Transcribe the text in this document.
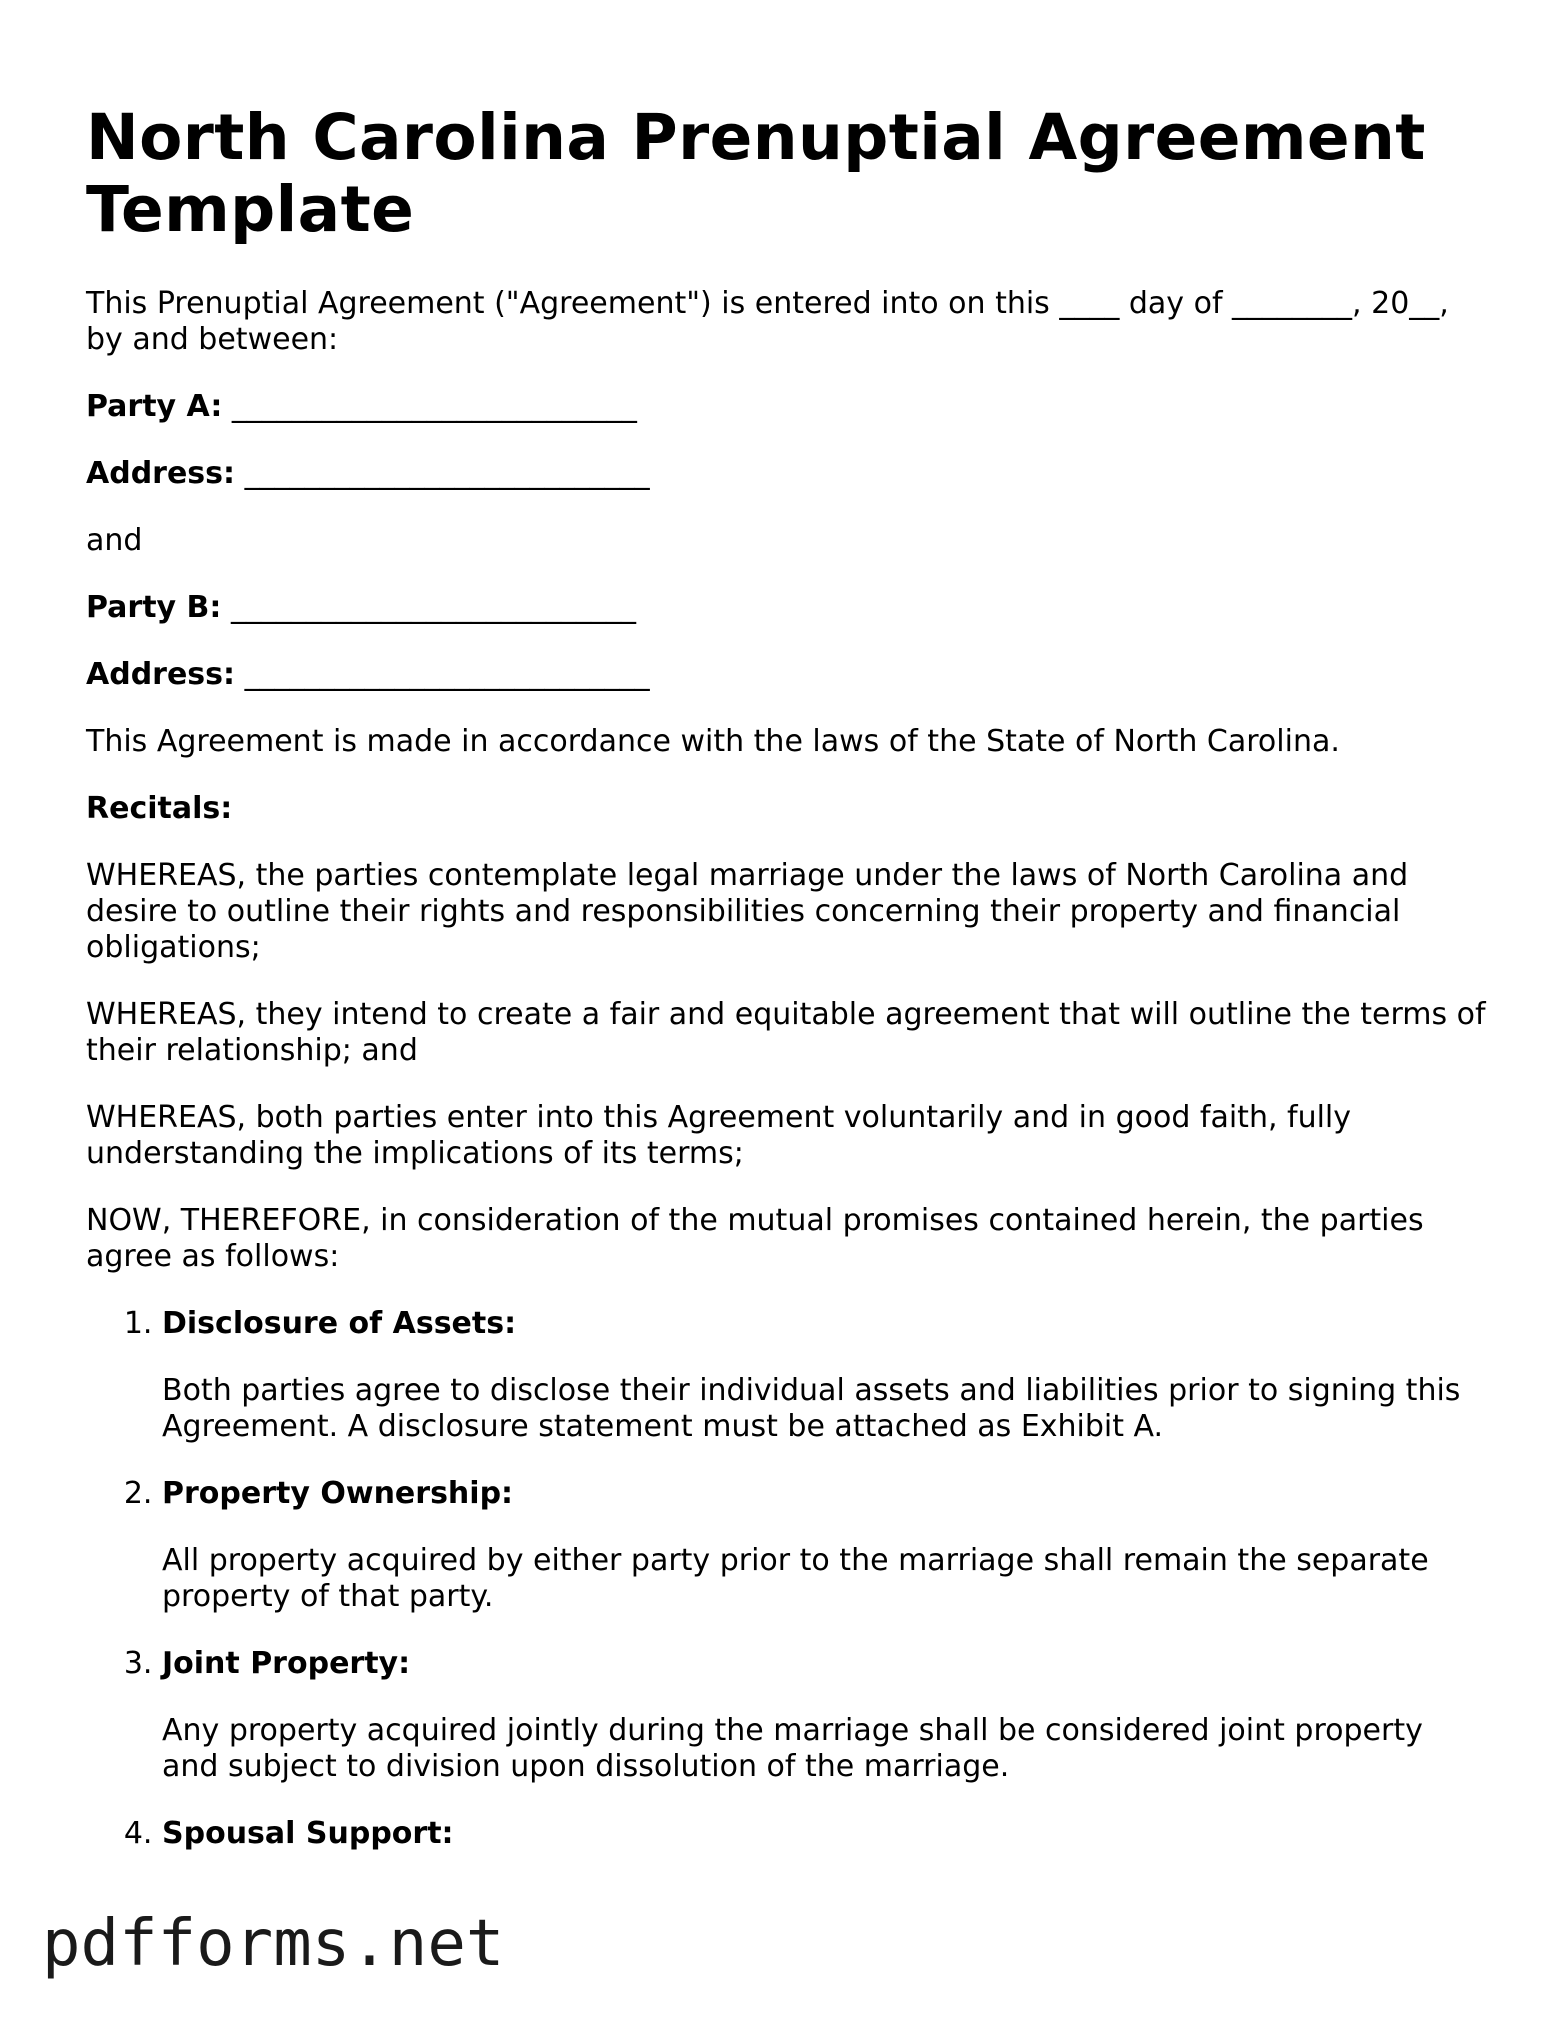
North Carolina Prenuptial Agreement Template

This Prenuptial Agreement ("Agreement") is entered into on this ____ day of ________, 20__, by and between:

Party A: ___________________________

Address: ___________________________

and

Party B: ___________________________

Address: ___________________________

This Agreement is made in accordance with the laws of the State of North Carolina.

Recitals:

WHEREAS, the parties contemplate legal marriage under the laws of North Carolina and desire to outline their rights and responsibilities concerning their property and financial obligations;

WHEREAS, they intend to create a fair and equitable agreement that will outline the terms of their relationship; and

WHEREAS, both parties enter into this Agreement voluntarily and in good faith, fully understanding the implications of its terms;

NOW, THEREFORE, in consideration of the mutual promises contained herein, the parties agree as follows:

1. Disclosure of Assets:

Both parties agree to disclose their individual assets and liabilities prior to signing this Agreement. A disclosure statement must be attached as Exhibit A.

2. Property Ownership:

All property acquired by either party prior to the marriage shall remain the separate property of that party.

3. Joint Property:

Any property acquired jointly during the marriage shall be considered joint property and subject to division upon dissolution of the marriage.

4. Spousal Support:
pdfforms.net
